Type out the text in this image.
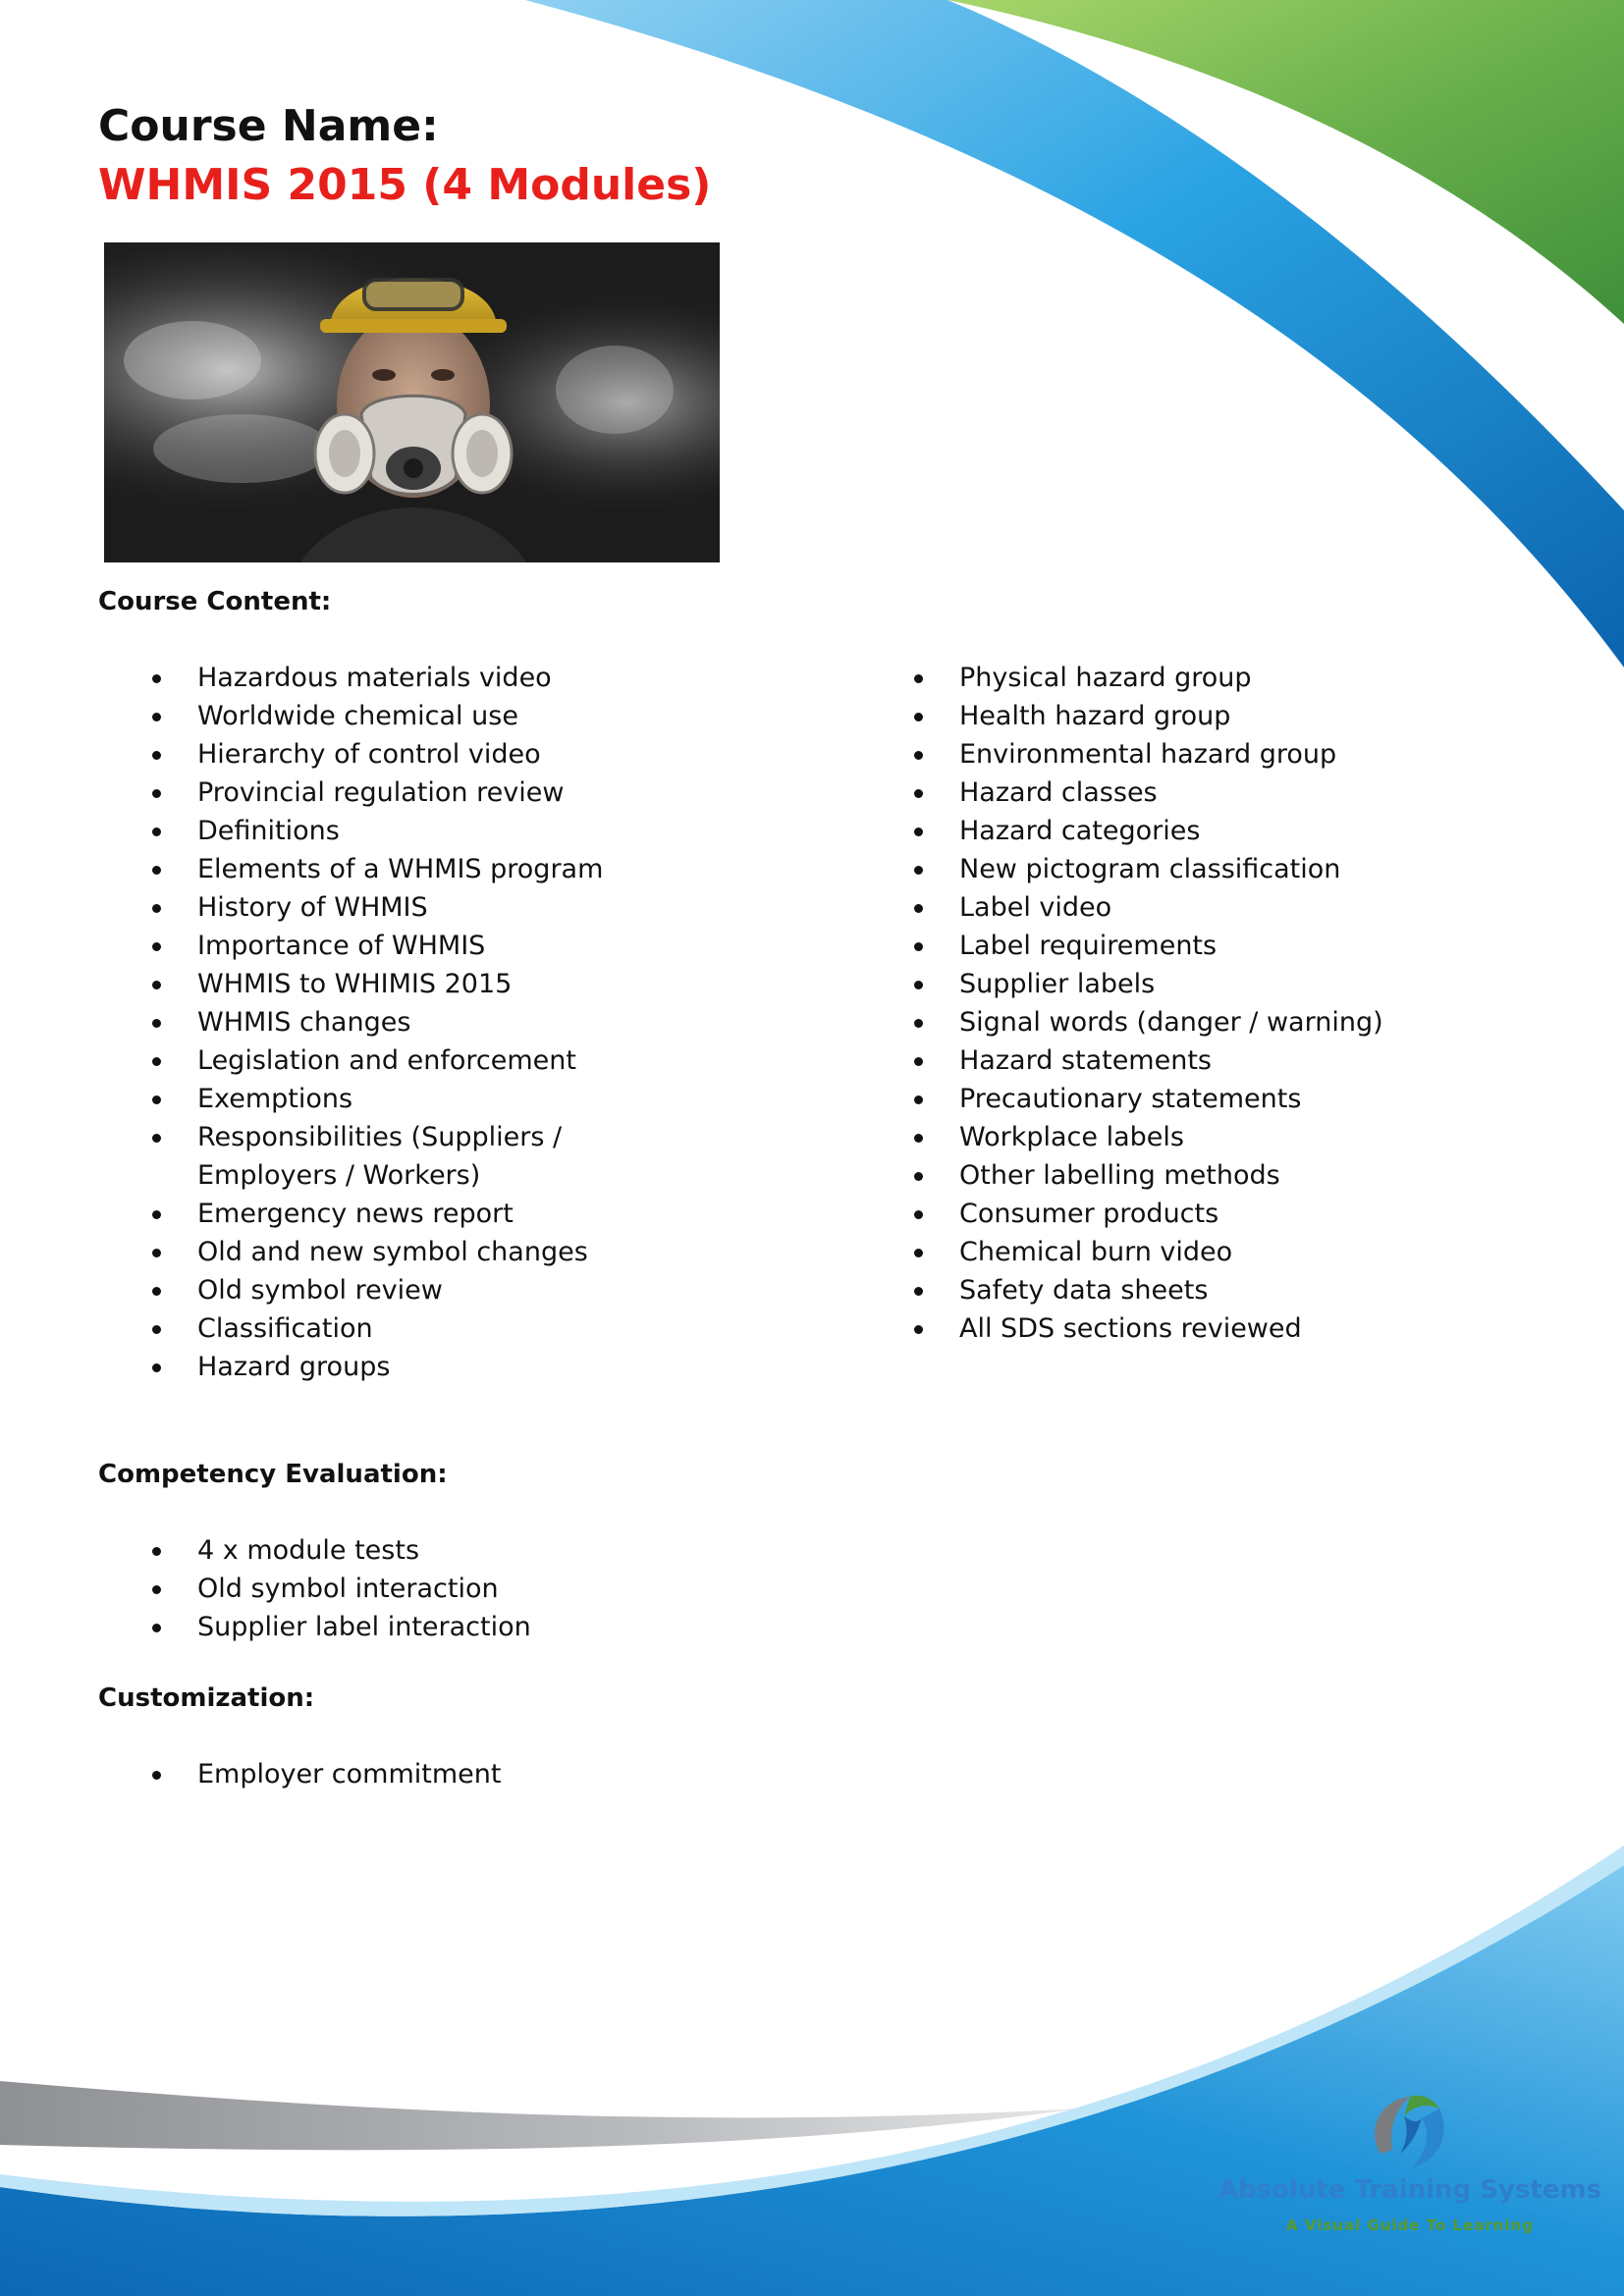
Course Name:
WHMIS 2015 (4 Modules)
Course Content:
Hazardous materials video
Worldwide chemical use
Hierarchy of control video
Provincial regulation review
Definitions
Elements of a WHMIS program
History of WHMIS
Importance of WHMIS
WHMIS to WHIMIS 2015
WHMIS changes
Legislation and enforcement
Exemptions
Responsibilities (Suppliers / Employers / Workers)
Emergency news report
Old and new symbol changes
Old symbol review
Classification
Hazard groups
Physical hazard group
Health hazard group
Environmental hazard group
Hazard classes
Hazard categories
New pictogram classification
Label video
Label requirements
Supplier labels
Signal words (danger / warning)
Hazard statements
Precautionary statements
Workplace labels
Other labelling methods
Consumer products
Chemical burn video
Safety data sheets
All SDS sections reviewed
Competency Evaluation:
4 x module tests
Old symbol interaction
Supplier label interaction
Customization:
Employer commitment
Absolute Training Systems
A Visual Guide To Learning
